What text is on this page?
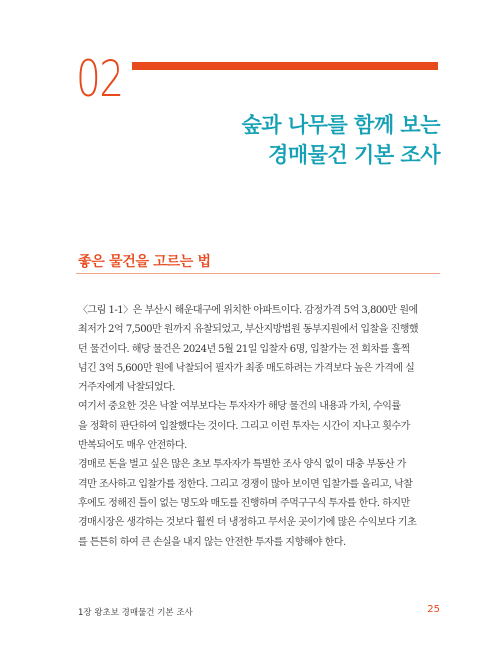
02
숲과 나무를 함께 보는
경매물건 기본 조사
좋은 물건을 고르는 법

〈그림 1-1〉은 부산시 해운대구에 위치한 아파트이다. 감정가격 5억 3,800만 원에
최저가 2억 7,500만 원까지 유찰되었고, 부산지방법원 동부지원에서 입찰을 진행했
던 물건이다. 해당 물건은 2024년 5월 21일 입찰자 6명, 입찰가는 전 회차를 훌쩍
넘긴 3억 5,600만 원에 낙찰되어 필자가 최종 매도하려는 가격보다 높은 가격에 실
거주자에게 낙찰되었다.

여기서 중요한 것은 낙찰 여부보다는 투자자가 해당 물건의 내용과 가치, 수익률
을 정확히 판단하여 입찰했다는 것이다. 그리고 이런 투자는 시간이 지나고 횟수가
반복되어도 매우 안전하다.

경매로 돈을 벌고 싶은 많은 초보 투자자가 특별한 조사 양식 없이 대충 부동산 가
격만 조사하고 입찰가를 정한다. 그리고 경쟁이 많아 보이면 입찰가를 올리고, 낙찰
후에도 정해진 틀이 없는 명도와 매도를 진행하며 주먹구구식 투자를 한다. 하지만
경매시장은 생각하는 것보다 훨씬 더 냉정하고 무서운 곳이기에 많은 수익보다 기초
를 튼튼히 하여 큰 손실을 내지 않는 안전한 투자를 지향해야 한다.

1장 왕초보 경매물건 기본 조사	25
